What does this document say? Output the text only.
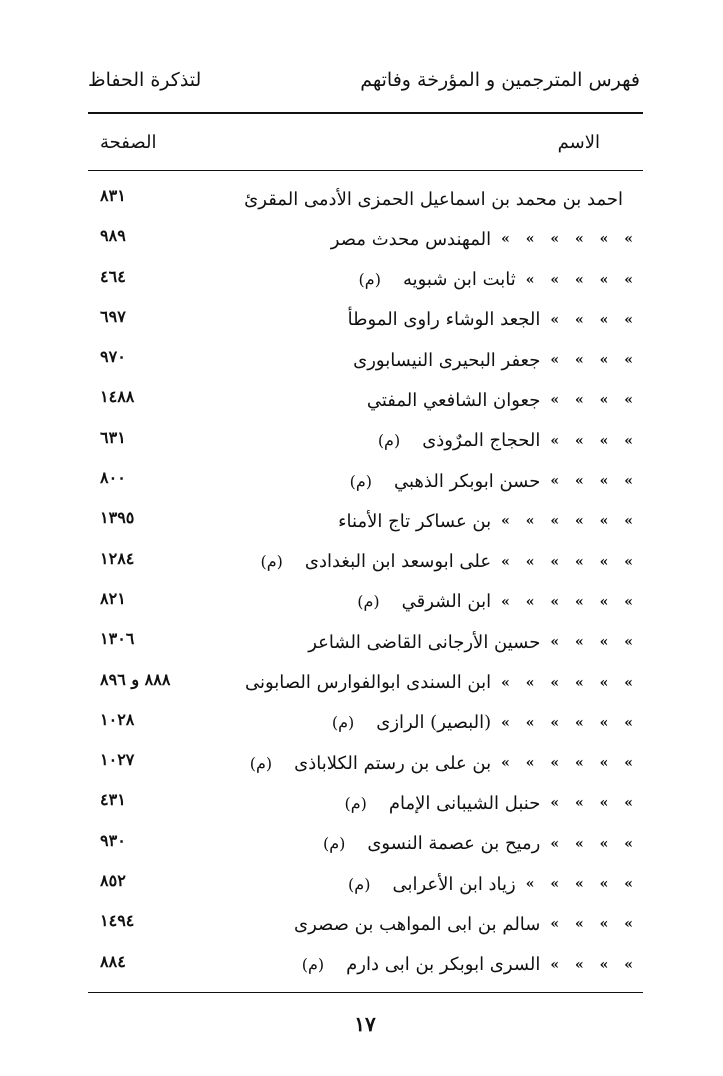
فهرس المترجمين و المؤرخة وفاتهم
لتذكرة الحفاظ
الاسم
الصفحة
احمد بن محمد بن اسماعيل الحمزى الأدمى المقرئ
٨٣١
» » » » » »
المهندس محدث مصر
٩٨٩
» » » » »
ثابت ابن شبويه
(م)
٤٦٤
» » » »
الجعد الوشاء راوى الموطأ
٦٩٧
» » » »
جعفر البحيرى النيسابورى
٩٧٠
» » » »
جعوان الشافعي المفتي
١٤٨٨
» » » »
الحجاج المرٌوذى
(م)
٦٣١
» » » »
حسن ابوبكر الذهبي
(م)
٨٠٠
» » » » » »
بن عساكر تاج الأمناء
١٣٩٥
» » » » » »
على ابوسعد ابن البغدادى
(م)
١٢٨٤
» » » » » »
ابن الشرقي
(م)
٨٢١
» » » »
حسين الأرجانى القاضى الشاعر
١٣٠٦
» » » » » »
ابن السندى ابوالفوارس الصابونى
٨٨٨ و ٨٩٦
» » » » » »
(البصير) الرازى
(م)
١٠٢٨
» » » » » »
بن على بن رستم الكلاباذى
(م)
١٠٢٧
» » » »
حنبل الشيبانى الإمام
(م)
٤٣١
» » » »
رميح بن عصمة النسوى
(م)
٩٣٠
» » » » »
زياد ابن الأعرابى
(م)
٨٥٢
» » » »
سالم بن ابى المواهب بن صصرى
١٤٩٤
» » » »
السرى ابوبكر بن ابى دارم
(م)
٨٨٤
١٧
